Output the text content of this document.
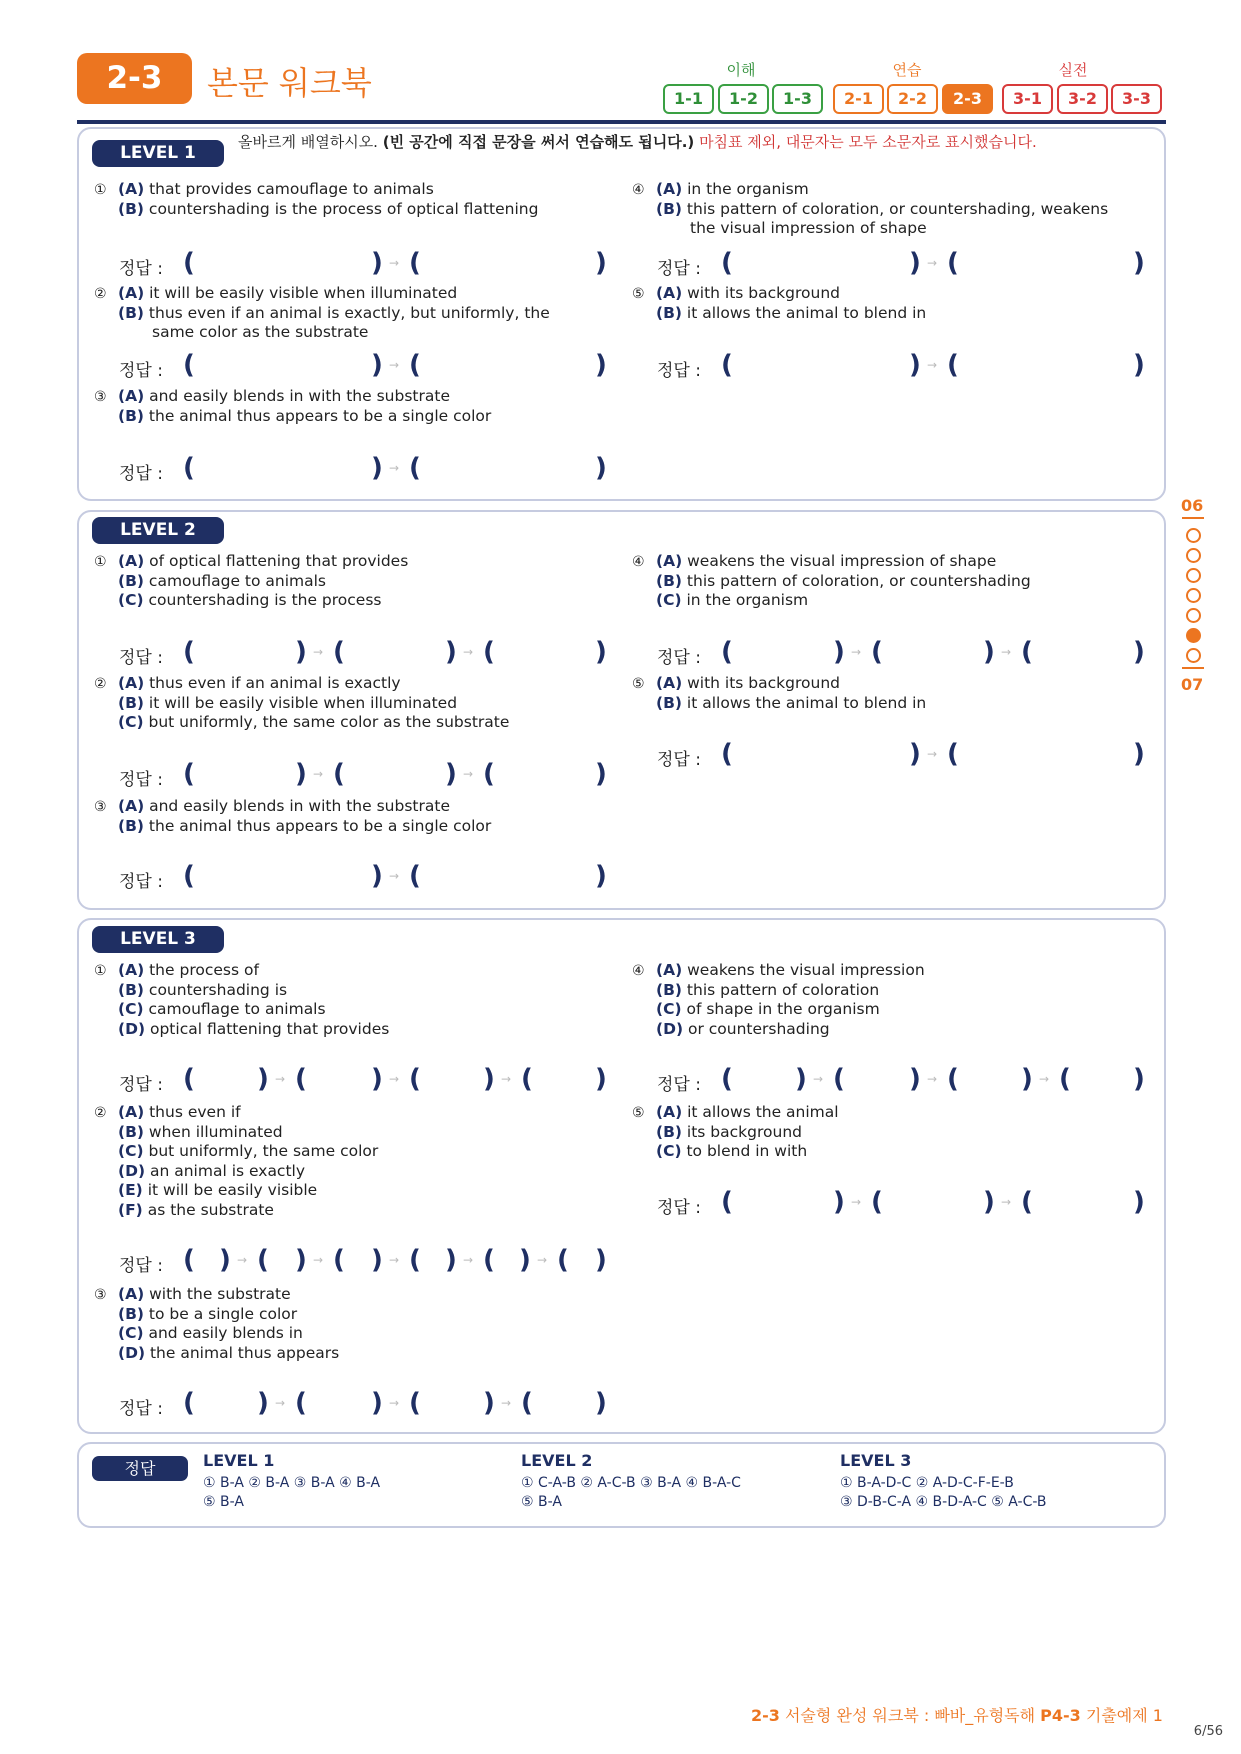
2-3	본문 워크북	이해	연습	실전
1-1	1-2	1-3	2-1	2-2	2-3	3-1	3-2	3-3
LEVEL 1
올바르게 배열하시오. (빈 공간에 직접 문장을 써서 연습해도 됩니다.) 마침표 제외, 대문자는 모두 소문자로 표시했습니다.
① (A) that provides camouflage to animals
(B) countershading is the process of optical flattening
정답 : (	) → (	)
② (A) it will be easily visible when illuminated
(B) thus even if an animal is exactly, but uniformly, the
same color as the substrate
정답 : (	) → (	)
③ (A) and easily blends in with the substrate
(B) the animal thus appears to be a single color
정답 : (	) → (	)
④ (A) in the organism
(B) this pattern of coloration, or countershading, weakens
the visual impression of shape
정답 : (	) → (	)
⑤ (A) with its background
(B) it allows the animal to blend in
정답 : (	) → (	)
LEVEL 2
① (A) of optical flattening that provides
(B) camouflage to animals
(C) countershading is the process
정답 : (	) → (	) → (	)
② (A) thus even if an animal is exactly
(B) it will be easily visible when illuminated
(C) but uniformly, the same color as the substrate
정답 : (	) → (	) → (	)
③ (A) and easily blends in with the substrate
(B) the animal thus appears to be a single color
정답 : (	) → (	)
④ (A) weakens the visual impression of shape
(B) this pattern of coloration, or countershading
(C) in the organism
정답 : (	) → (	) → (	)
⑤ (A) with its background
(B) it allows the animal to blend in
정답 : (	) → (	)
LEVEL 3
① (A) the process of
(B) countershading is
(C) camouflage to animals
(D) optical flattening that provides
정답 : ( ) → ( ) → ( ) → ( )
② (A) thus even if
(B) when illuminated
(C) but uniformly, the same color
(D) an animal is exactly
(E) it will be easily visible
(F) as the substrate
정답 : ( ) → ( ) → ( ) → ( ) → ( ) → ( )
③ (A) with the substrate
(B) to be a single color
(C) and easily blends in
(D) the animal thus appears
정답 : ( ) → ( ) → ( ) → ( )
④ (A) weakens the visual impression
(B) this pattern of coloration
(C) of shape in the organism
(D) or countershading
정답 : ( ) → ( ) → ( ) → ( )
⑤ (A) it allows the animal
(B) its background
(C) to blend in with
정답 : (	) → (	) → (	)
06
07
정답	LEVEL 1
① B-A ② B-A ③ B-A ④ B-A
⑤ B-A
LEVEL 2
① C-A-B ② A-C-B ③ B-A ④ B-A-C
⑤ B-A
LEVEL 3
① B-A-D-C ② A-D-C-F-E-B
③ D-B-C-A ④ B-D-A-C ⑤ A-C-B
2-3 서술형 완성 워크북 : 빠바_유형독해 P4-3 기출예제 1
6/56
